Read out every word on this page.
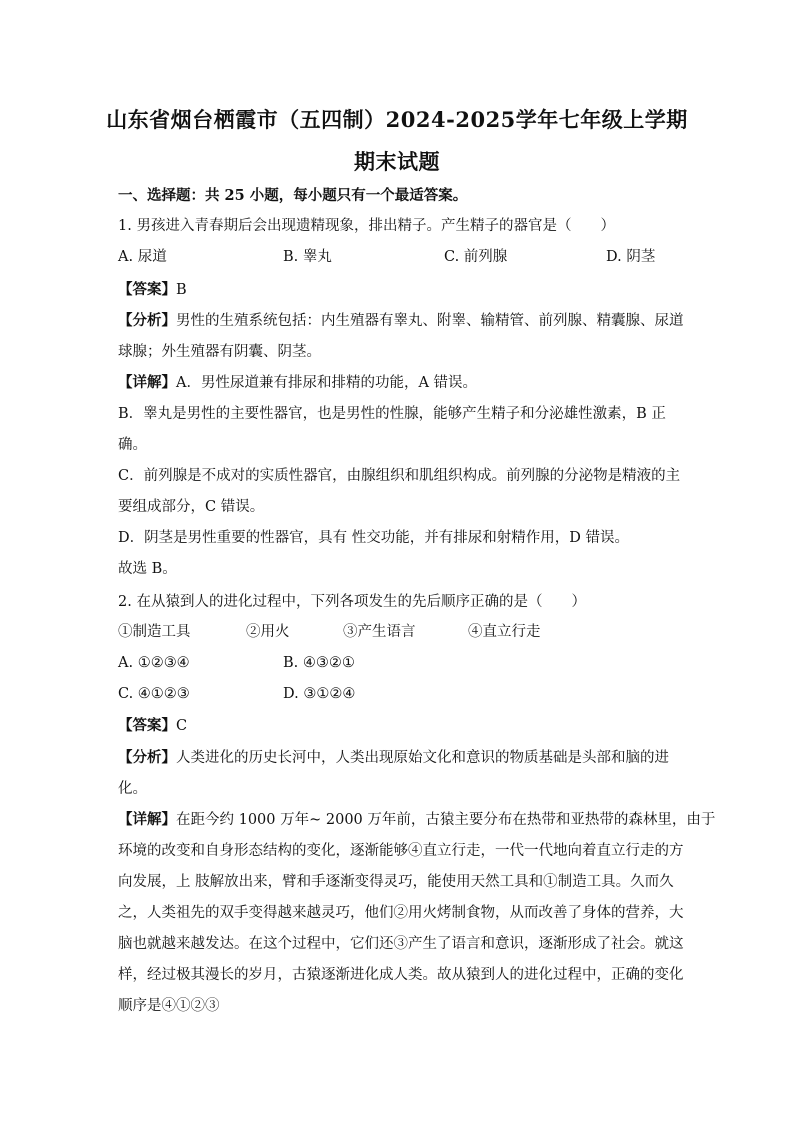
山东省烟台栖霞市（五四制）2024-2025学年七年级上学期
期末试题
一、选择题：共 25 小题，每小题只有一个最适答案。
1. 男孩进入青春期后会出现遗精现象，排出精子。产生精子的器官是（　　）
A. 尿道	B. 睾丸	C. 前列腺	D. 阴茎
【答案】B
【分析】男性的生殖系统包括：内生殖器有睾丸、附睾、输精管、前列腺、精囊腺、尿道
球腺；外生殖器有阴囊、阴茎。
【详解】A．男性尿道兼有排尿和排精的功能，A 错误。
B．睾丸是男性的主要性器官，也是男性的性腺，能够产生精子和分泌雄性激素，B 正
确。
C．前列腺是不成对的实质性器官，由腺组织和肌组织构成。前列腺的分泌物是精液的主
要组成部分，C 错误。
D．阴茎是男性重要的性器官，具有 性交功能，并有排尿和射精作用，D 错误。
故选 B。
2. 在从猿到人的进化过程中，下列各项发生的先后顺序正确的是（　　）
①制造工具	②用火	③产生语言	④直立行走
A. ①②③④	B. ④③②①
C. ④①②③	D. ③①②④
【答案】C
【分析】人类进化的历史长河中，人类出现原始文化和意识的物质基础是头部和脑的进
化。
【详解】在距今约 1000 万年~ 2000 万年前，古猿主要分布在热带和亚热带的森林里，由于
环境的改变和自身形态结构的变化，逐渐能够④直立行走，一代一代地向着直立行走的方
向发展，上 肢解放出来，臂和手逐渐变得灵巧，能使用天然工具和①制造工具。久而久
之，人类祖先的双手变得越来越灵巧，他们②用火烤制食物，从而改善了身体的营养，大
脑也就越来越发达。在这个过程中，它们还③产生了语言和意识，逐渐形成了社会。就这
样，经过极其漫长的岁月，古猿逐渐进化成人类。故从猿到人的进化过程中，正确的变化
顺序是④①②③
